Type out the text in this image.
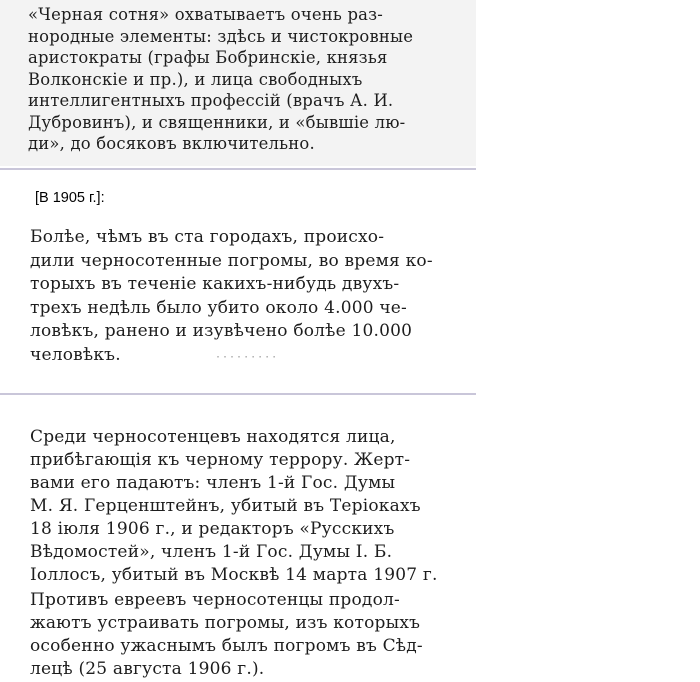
«Черная сотня» охватываетъ очень раз-
нородные элементы: здѣсь и чистокровные
аристократы (графы Бобринскіе, князья
Волконскіе и пр.), и лица свободныхъ
интеллигентныхъ профессій (врачъ А. И.
Дубровинъ), и священники, и «бывшіе лю-
ди», до босяковъ включительно.
Болѣе, чѣмъ въ ста городахъ, происхо-
дили черносотенные погромы, во время ко-
торыхъ въ теченіе какихъ-нибудь двухъ-
трехъ недѣль было убито около 4.000 че-
ловѣкъ, ранено и изувѣчено болѣе 10.000
человѣкъ.	·········
[В 1905 г.]:
Среди черносотенцевъ находятся лица,
прибѣгающія къ черному террору. Жерт-
вами его падаютъ: членъ 1-й Гос. Думы
М. Я. Герценштейнъ, убитый въ Теріокахъ
18 іюля 1906 г., и редакторъ «Русскихъ
Вѣдомостей», членъ 1-й Гос. Думы І. Б.
Іоллосъ, убитый въ Москвѣ 14 марта 1907 г.
Противъ евреевъ черносотенцы продол-
жаютъ устраивать погромы, изъ которыхъ
особенно ужаснымъ былъ погромъ въ Сѣд-
лецѣ (25 августа 1906 г.).
